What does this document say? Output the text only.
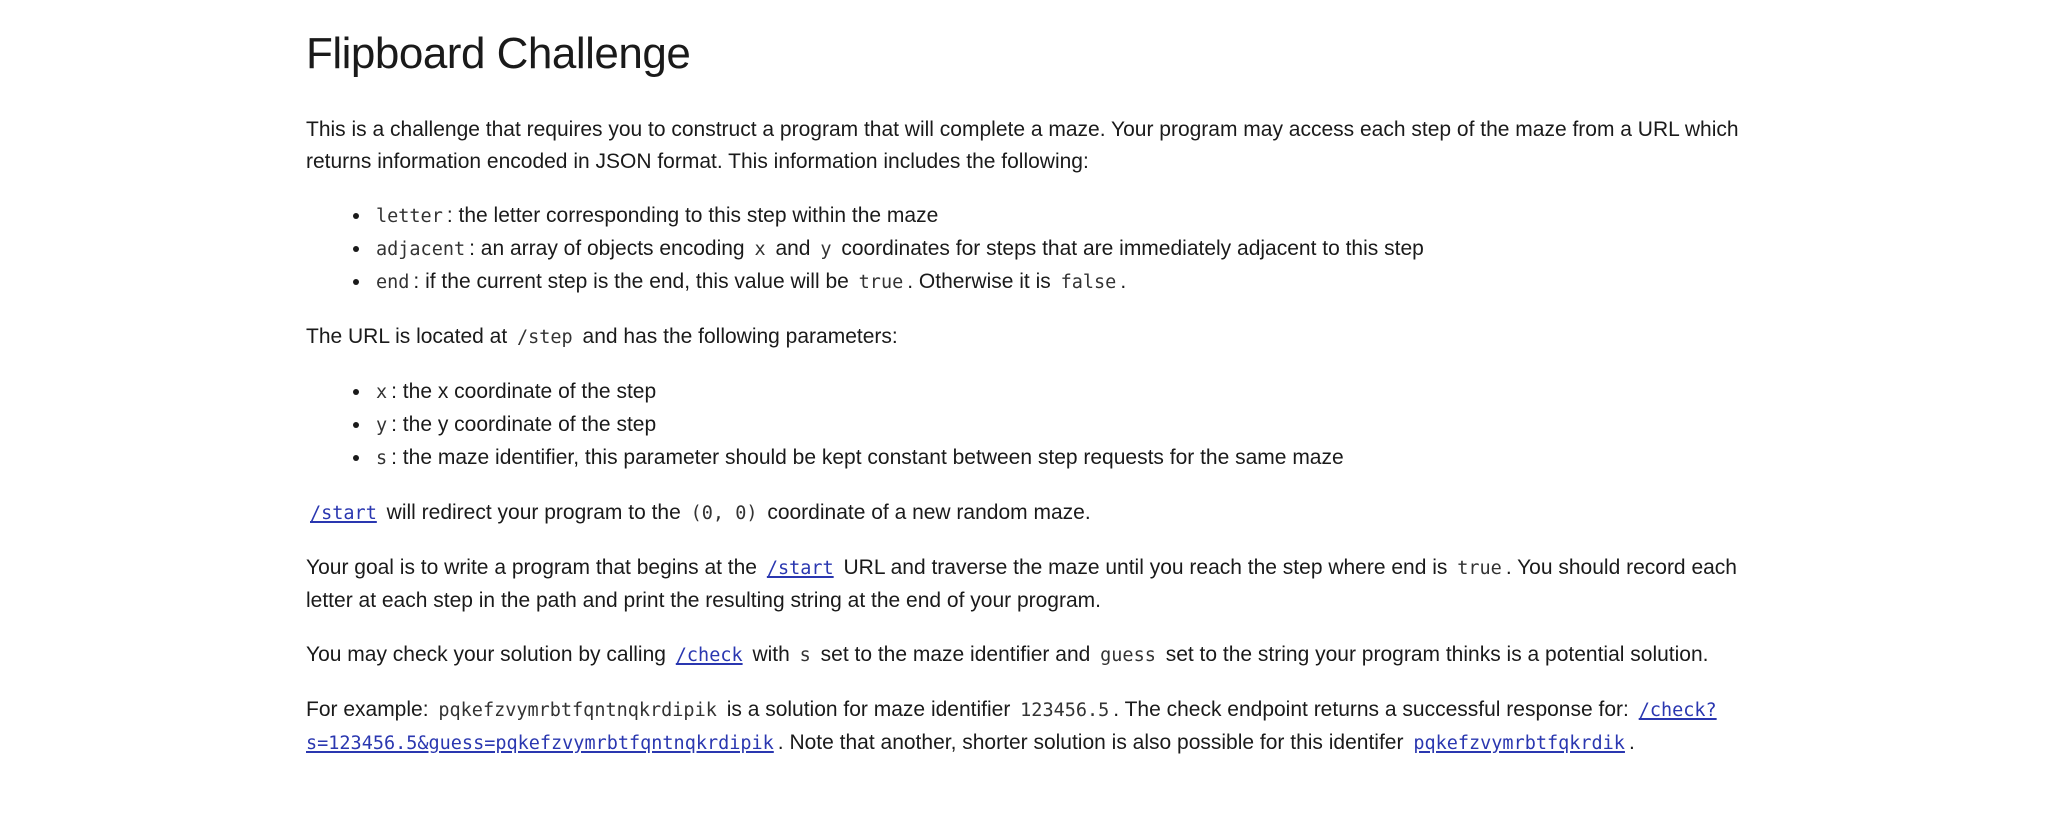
Flipboard Challenge

This is a challenge that requires you to construct a program that will complete a maze. Your program may access each step of the maze from a URL which returns information encoded in JSON format. This information includes the following:

• letter : the letter corresponding to this step within the maze
• adjacent : an array of objects encoding x and y coordinates for steps that are immediately adjacent to this step
• end : if the current step is the end, this value will be true . Otherwise it is false .

The URL is located at /step and has the following parameters:

• x : the x coordinate of the step
• y : the y coordinate of the step
• s : the maze identifier, this parameter should be kept constant between step requests for the same maze

/start will redirect your program to the (0, 0) coordinate of a new random maze.

Your goal is to write a program that begins at the /start URL and traverse the maze until you reach the step where end is true . You should record each letter at each step in the path and print the resulting string at the end of your program.

You may check your solution by calling /check with s set to the maze identifier and guess set to the string your program thinks is a potential solution.

For example: pqkefzvymrbtfqntnqkrdipik is a solution for maze identifier 123456.5 . The check endpoint returns a successful response for: /check?s=123456.5&guess=pqkefzvymrbtfqntnqkrdipik . Note that another, shorter solution is also possible for this identifer pqkefzvymrbtfqkrdik .
